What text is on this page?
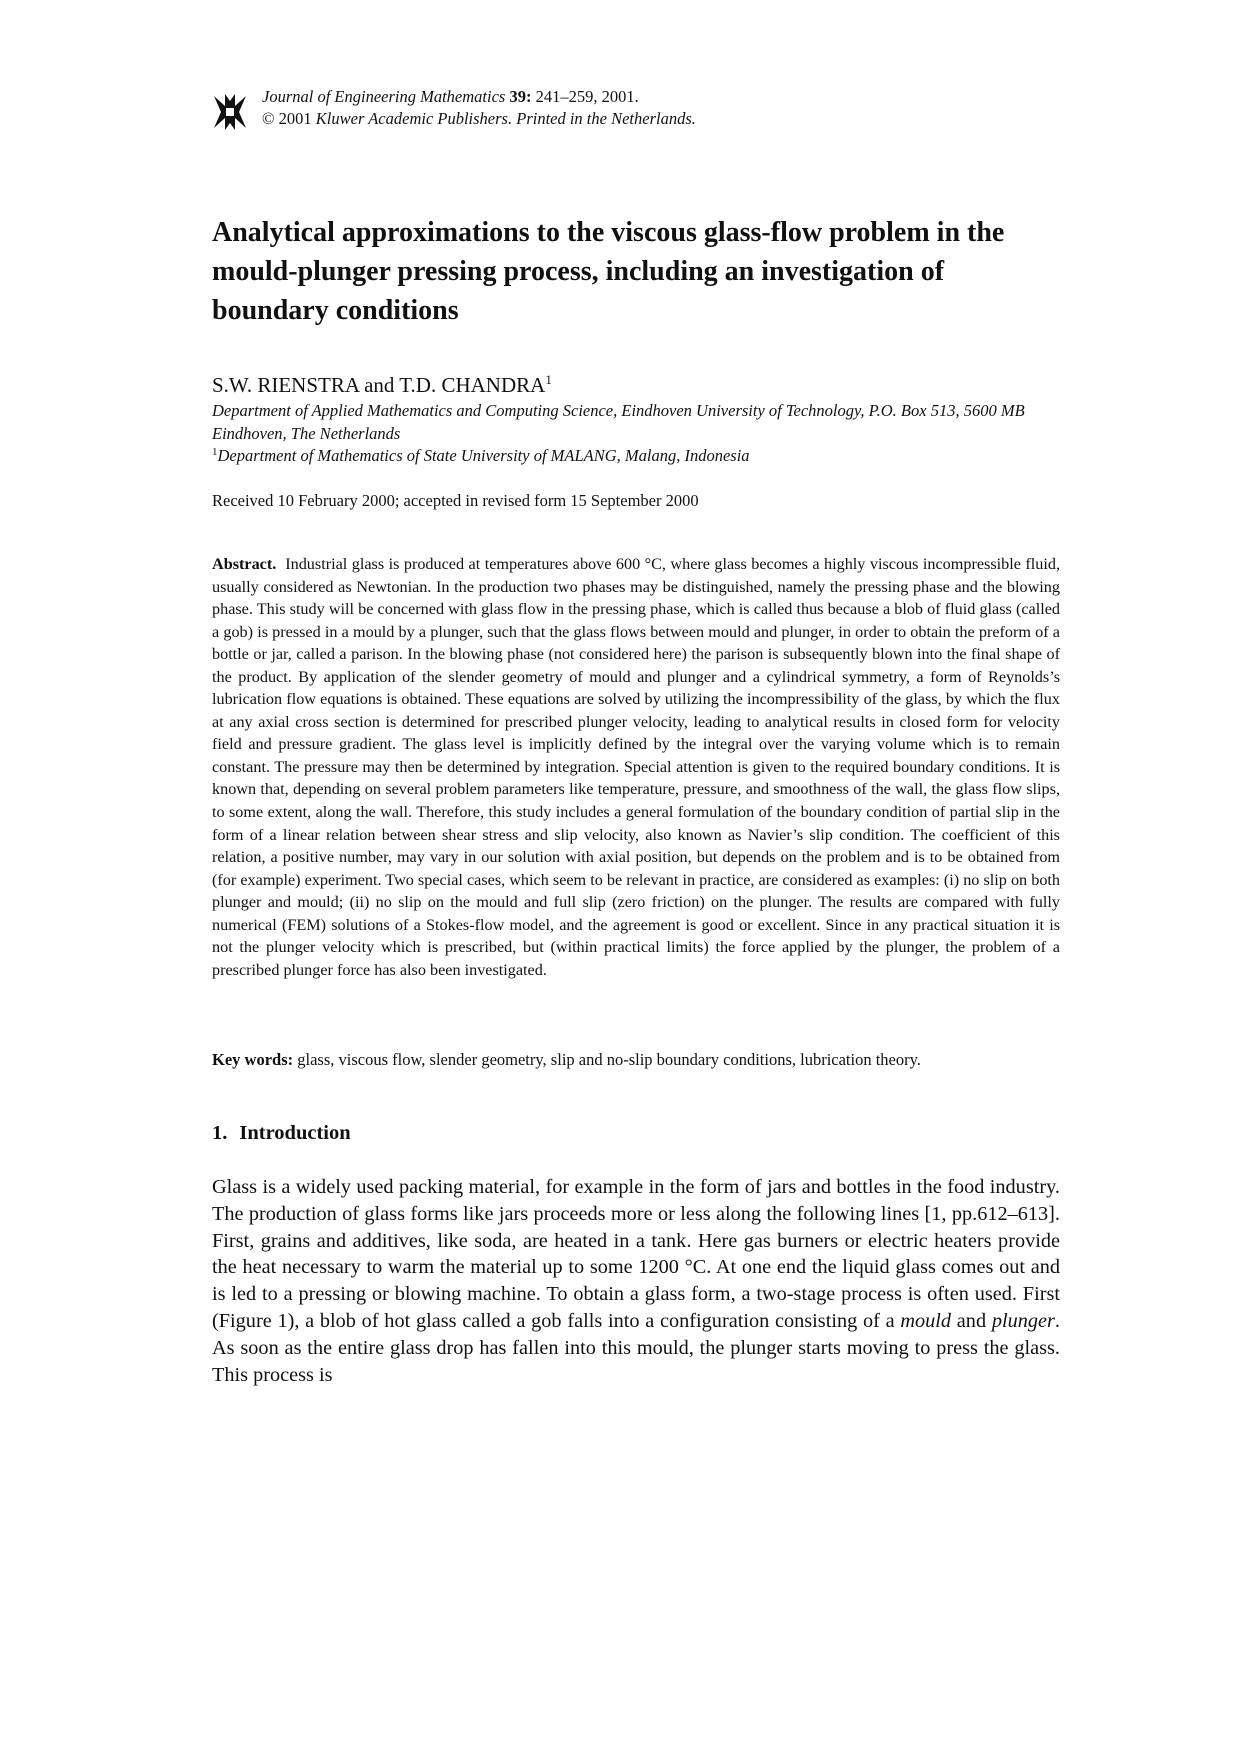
Journal of Engineering Mathematics 39: 241–259, 2001.
© 2001 Kluwer Academic Publishers. Printed in the Netherlands.
Analytical approximations to the viscous glass-flow problem in the mould-plunger pressing process, including an investigation of boundary conditions
S.W. RIENSTRA and T.D. CHANDRA$^1$
Department of Applied Mathematics and Computing Science, Eindhoven University of Technology, P.O. Box 513, 5600 MB Eindhoven, The Netherlands
$^1$Department of Mathematics of State University of MALANG, Malang, Indonesia
Received 10 February 2000; accepted in revised form 15 September 2000
Abstract. Industrial glass is produced at temperatures above 600 °C, where glass becomes a highly viscous incompressible fluid, usually considered as Newtonian. In the production two phases may be distinguished, namely the pressing phase and the blowing phase. This study will be concerned with glass flow in the pressing phase, which is called thus because a blob of fluid glass (called a gob) is pressed in a mould by a plunger, such that the glass flows between mould and plunger, in order to obtain the preform of a bottle or jar, called a parison. In the blowing phase (not considered here) the parison is subsequently blown into the final shape of the product. By application of the slender geometry of mould and plunger and a cylindrical symmetry, a form of Reynolds’s lubrication flow equations is obtained. These equations are solved by utilizing the incompressibility of the glass, by which the flux at any axial cross section is determined for prescribed plunger velocity, leading to analytical results in closed form for velocity field and pressure gradient. The glass level is implicitly defined by the integral over the varying volume which is to remain constant. The pressure may then be determined by integration. Special attention is given to the required boundary conditions. It is known that, depending on several problem parameters like temperature, pressure, and smoothness of the wall, the glass flow slips, to some extent, along the wall. Therefore, this study includes a general formulation of the boundary condition of partial slip in the form of a linear relation between shear stress and slip velocity, also known as Navier’s slip condition. The coefficient of this relation, a positive number, may vary in our solution with axial position, but depends on the problem and is to be obtained from (for example) experiment. Two special cases, which seem to be relevant in practice, are considered as examples: (i) no slip on both plunger and mould; (ii) no slip on the mould and full slip (zero friction) on the plunger. The results are compared with fully numerical (FEM) solutions of a Stokes-flow model, and the agreement is good or excellent. Since in any practical situation it is not the plunger velocity which is prescribed, but (within practical limits) the force applied by the plunger, the problem of a prescribed plunger force has also been investigated.
Key words: glass, viscous flow, slender geometry, slip and no-slip boundary conditions, lubrication theory.
1. Introduction

Glass is a widely used packing material, for example in the form of jars and bottles in the food industry. The production of glass forms like jars proceeds more or less along the following lines [1, pp.612–613]. First, grains and additives, like soda, are heated in a tank. Here gas burners or electric heaters provide the heat necessary to warm the material up to some 1200 °C. At one end the liquid glass comes out and is led to a pressing or blowing machine. To obtain a glass form, a two-stage process is often used. First (Figure 1), a blob of hot glass called a gob falls into a configuration consisting of a mould and plunger. As soon as the entire glass drop has fallen into this mould, the plunger starts moving to press the glass. This process is
